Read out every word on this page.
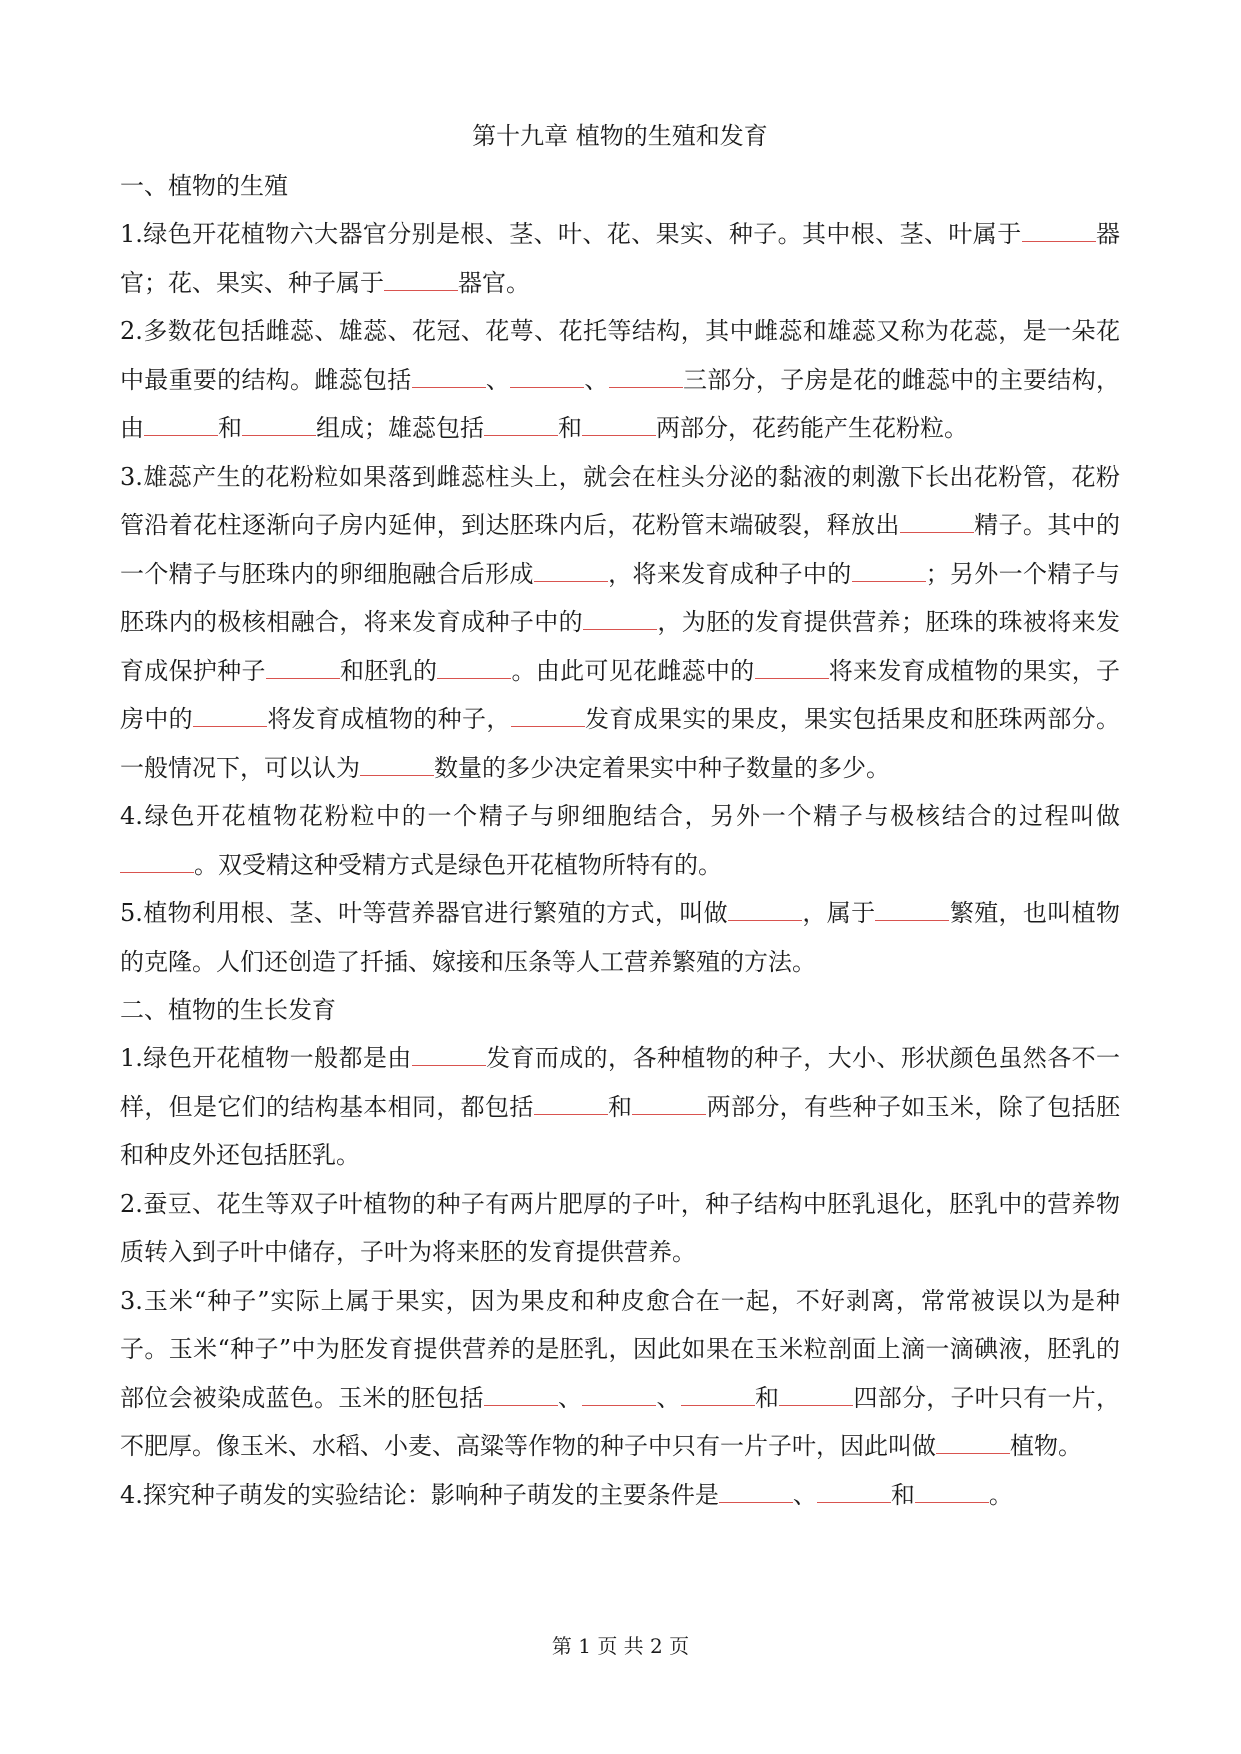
第十九章 植物的生殖和发育

一、植物的生殖

1.绿色开花植物六大器官分别是根、茎、叶、花、果实、种子。其中根、茎、叶属于	器官；花、果实、种子属于	器官。

2.多数花包括雌蕊、雄蕊、花冠、花萼、花托等结构，其中雌蕊和雄蕊又称为花蕊，是一朵花中最重要的结构。雌蕊包括	、	、	三部分，子房是花的雌蕊中的主要结构，由	和	组成；雄蕊包括	和	两部分，花药能产生花粉粒。

3.雄蕊产生的花粉粒如果落到雌蕊柱头上，就会在柱头分泌的黏液的刺激下长出花粉管，花粉管沿着花柱逐渐向子房内延伸，到达胚珠内后，花粉管末端破裂，释放出	精子。其中的一个精子与胚珠内的卵细胞融合后形成	，将来发育成种子中的	；另外一个精子与胚珠内的极核相融合，将来发育成种子中的	，为胚的发育提供营养；胚珠的珠被将来发育成保护种子	和胚乳的	。由此可见花雌蕊中的	将来发育成植物的果实，子房中的	将发育成植物的种子，	发育成果实的果皮，果实包括果皮和胚珠两部分。一般情况下，可以认为	数量的多少决定着果实中种子数量的多少。

4.绿色开花植物花粉粒中的一个精子与卵细胞结合，另外一个精子与极核结合的过程叫做。双受精这种受精方式是绿色开花植物所特有的。

5.植物利用根、茎、叶等营养器官进行繁殖的方式，叫做	，属于	繁殖，也叫植物的克隆。人们还创造了扦插、嫁接和压条等人工营养繁殖的方法。

二、植物的生长发育

1.绿色开花植物一般都是由	发育而成的，各种植物的种子，大小、形状颜色虽然各不一样，但是它们的结构基本相同，都包括	和	两部分，有些种子如玉米，除了包括胚和种皮外还包括胚乳。

2.蚕豆、花生等双子叶植物的种子有两片肥厚的子叶，种子结构中胚乳退化，胚乳中的营养物质转入到子叶中储存，子叶为将来胚的发育提供营养。

3.玉米“种子”实际上属于果实，因为果皮和种皮愈合在一起，不好剥离，常常被误以为是种子。玉米“种子”中为胚发育提供营养的是胚乳，因此如果在玉米粒剖面上滴一滴碘液，胚乳的部位会被染成蓝色。玉米的胚包括	、	、	和	四部分，子叶只有一片，不肥厚。像玉米、水稻、小麦、高粱等作物的种子中只有一片子叶，因此叫做	植物。

4.探究种子萌发的实验结论：影响种子萌发的主要条件是	、	和	。

第 1 页 共 2 页
